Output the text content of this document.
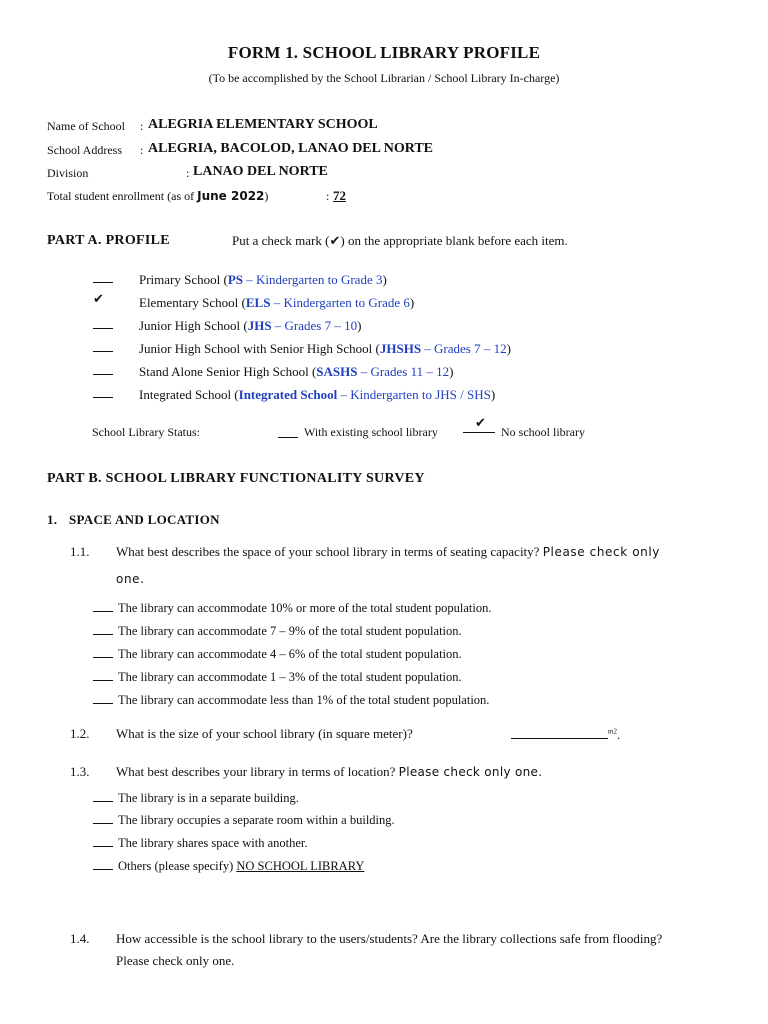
FORM 1. SCHOOL LIBRARY PROFILE
(To be accomplished by the School Librarian / School Library In-charge)
Name of School : ALEGRIA ELEMENTARY SCHOOL
School Address : ALEGRIA, BACOLOD, LANAO DEL NORTE
Division	: LANAO DEL NORTE
Total student enrollment (as of June 2022)	: 72
PART A. PROFILE	Put a check mark (✔) on the appropriate blank before each item.
Primary School (PS – Kindergarten to Grade 3)
✔	Elementary School (ELS – Kindergarten to Grade 6)
Junior High School (JHS – Grades 7 – 10)
Junior High School with Senior High School (JHSHS – Grades 7 – 12)
Stand Alone Senior High School (SASHS – Grades 11 – 12)
Integrated School (Integrated School – Kindergarten to JHS / SHS)
School Library Status:	With existing school library
✔
No school library
PART B. SCHOOL LIBRARY FUNCTIONALITY SURVEY
1. SPACE AND LOCATION
1.1. What best describes the space of your school library in terms of seating capacity? Please check only
one.
The library can accommodate 10% or more of the total student population.
The library can accommodate 7 – 9% of the total student population.
The library can accommodate 4 – 6% of the total student population.
The library can accommodate 1 – 3% of the total student population.
The library can accommodate less than 1% of the total student population.
1.2. What is the size of your school library (in square meter)?	$^{m2}$.
1.3. What best describes your library in terms of location? Please check only one.
The library is in a separate building.
The library occupies a separate room within a building.
The library shares space with another.
Others (please specify) NO SCHOOL LIBRARY
1.4. How accessible is the school library to the users/students? Are the library collections safe from flooding?
Please check only one.
